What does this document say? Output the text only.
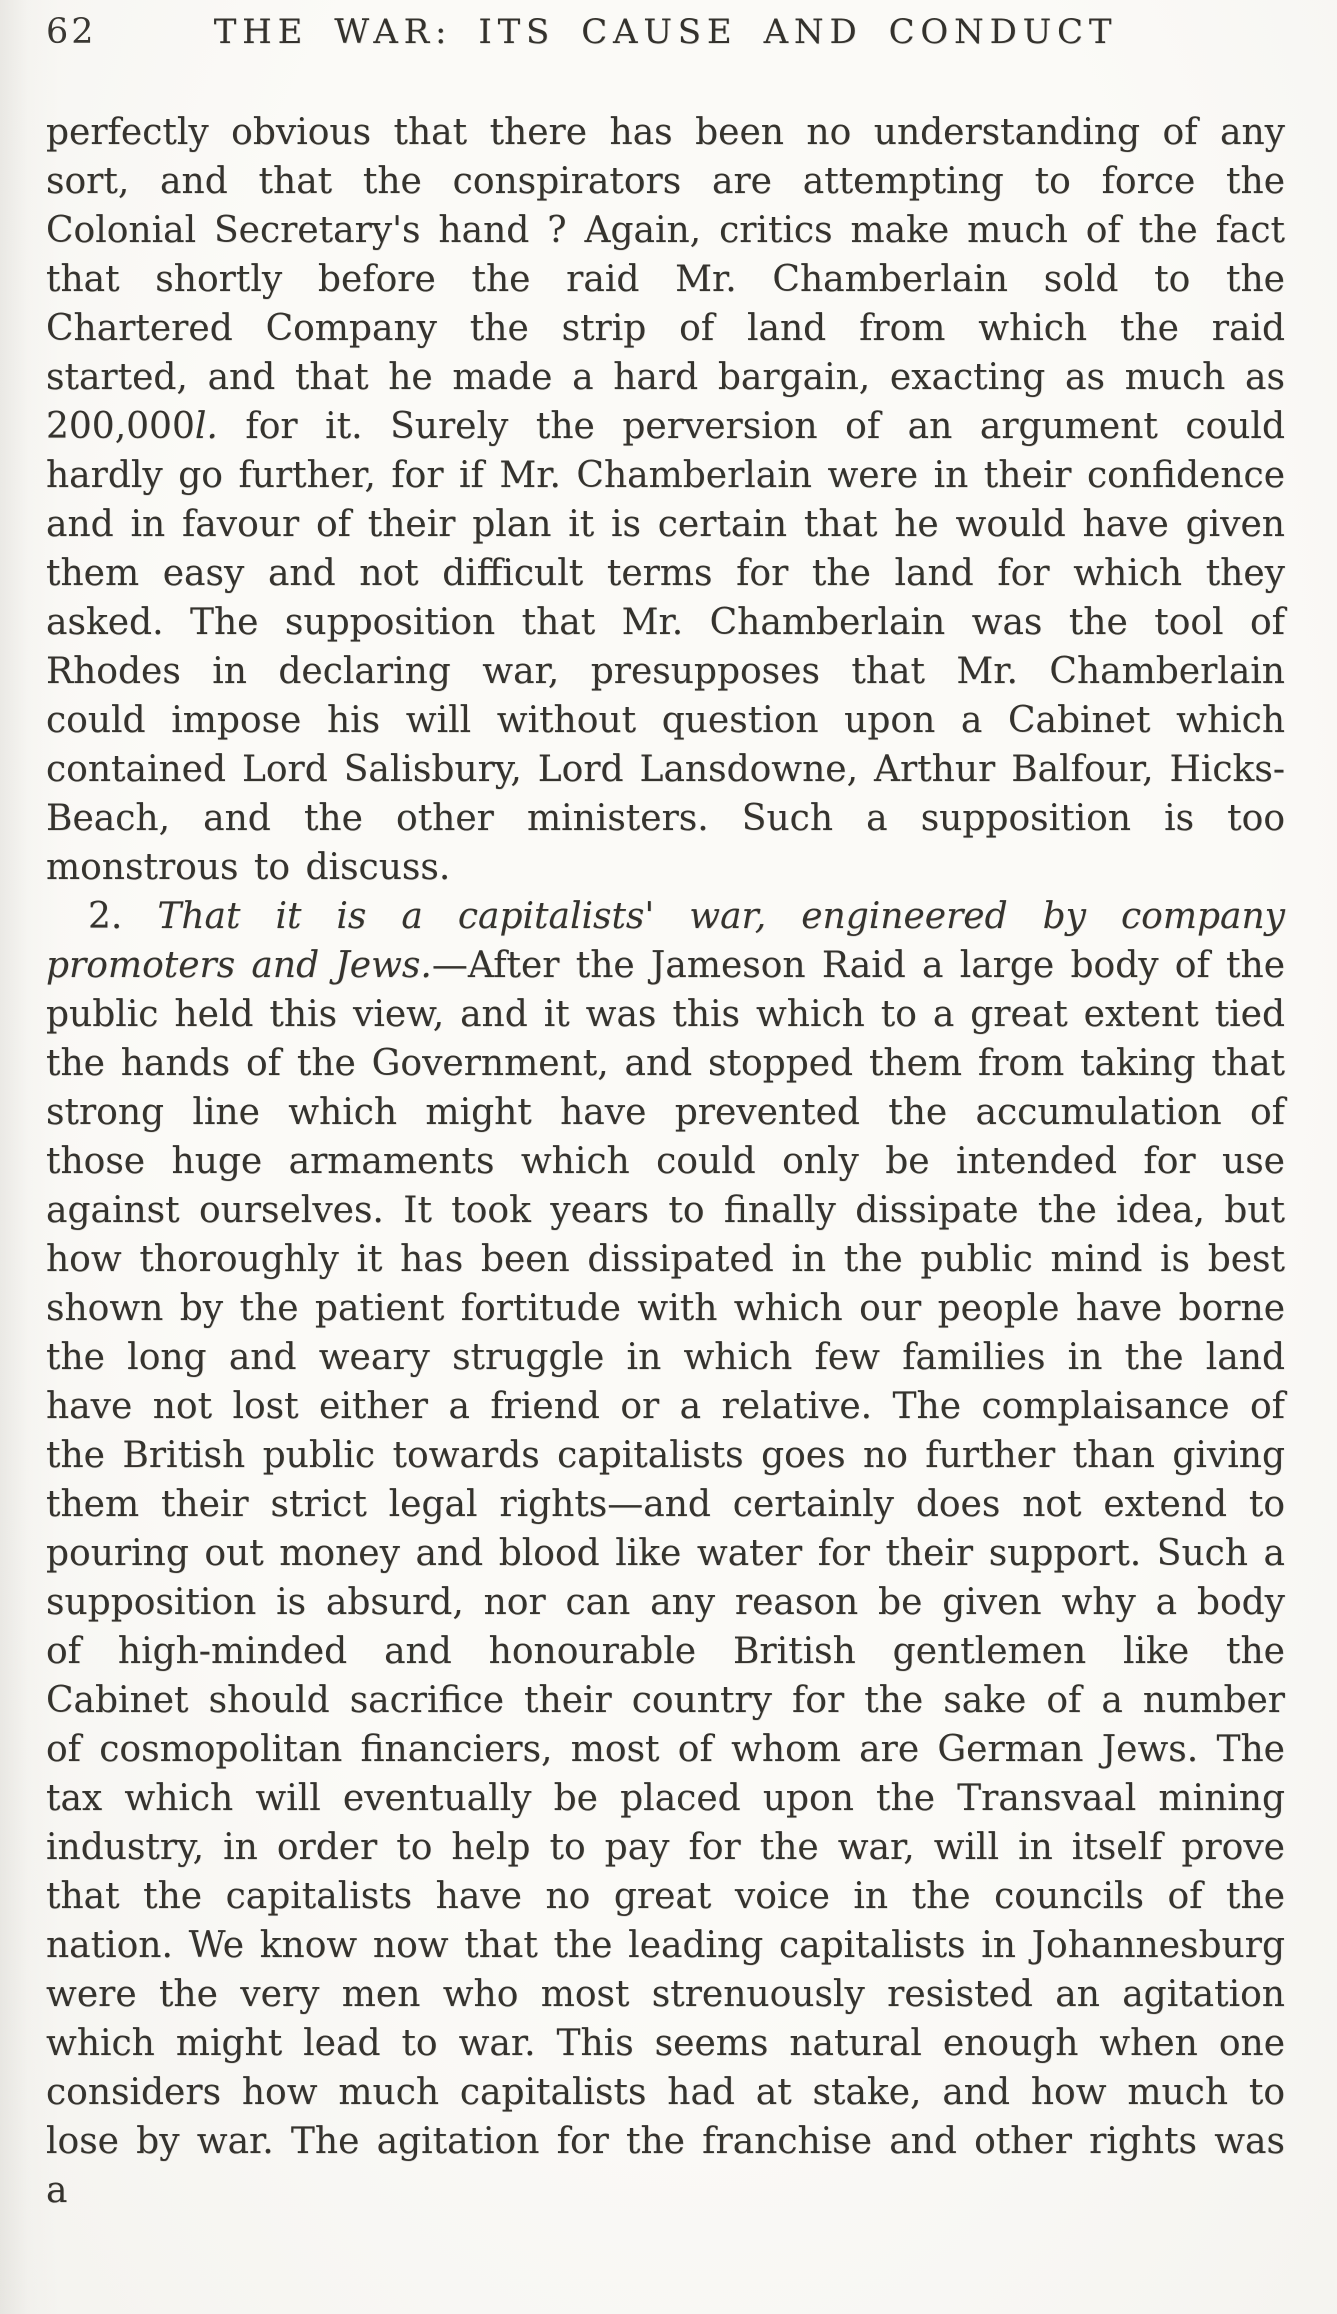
62	THE WAR: ITS CAUSE AND CONDUCT

perfectly obvious that there has been no understanding of any sort, and that the conspirators are attempting to force the Colonial Secretary's hand ? Again, critics make much of the fact that shortly before the raid Mr. Chamberlain sold to the Chartered Company the strip of land from which the raid started, and that he made a hard bargain, exacting as much as 200,000l. for it. Surely the perversion of an argument could hardly go further, for if Mr. Chamberlain were in their confidence and in favour of their plan it is certain that he would have given them easy and not difficult terms for the land for which they asked. The supposition that Mr. Chamberlain was the tool of Rhodes in declaring war, presupposes that Mr. Chamberlain could impose his will without question upon a Cabinet which contained Lord Salisbury, Lord Lansdowne, Arthur Balfour, Hicks-Beach, and the other ministers. Such a supposition is too monstrous to discuss.

2. That it is a capitalists' war, engineered by company promoters and Jews.—After the Jameson Raid a large body of the public held this view, and it was this which to a great extent tied the hands of the Government, and stopped them from taking that strong line which might have prevented the accumulation of those huge armaments which could only be intended for use against ourselves. It took years to finally dissipate the idea, but how thoroughly it has been dissipated in the public mind is best shown by the patient fortitude with which our people have borne the long and weary struggle in which few families in the land have not lost either a friend or a relative. The complaisance of the British public towards capitalists goes no further than giving them their strict legal rights—and certainly does not extend to pouring out money and blood like water for their support. Such a supposition is absurd, nor can any reason be given why a body of high-minded and honourable British gentlemen like the Cabinet should sacrifice their country for the sake of a number of cosmopolitan financiers, most of whom are German Jews. The tax which will eventually be placed upon the Transvaal mining industry, in order to help to pay for the war, will in itself prove that the capitalists have no great voice in the councils of the nation. We know now that the leading capitalists in Johannesburg were the very men who most strenuously resisted an agitation which might lead to war. This seems natural enough when one considers how much capitalists had at stake, and how much to lose by war. The agitation for the franchise and other rights was a
